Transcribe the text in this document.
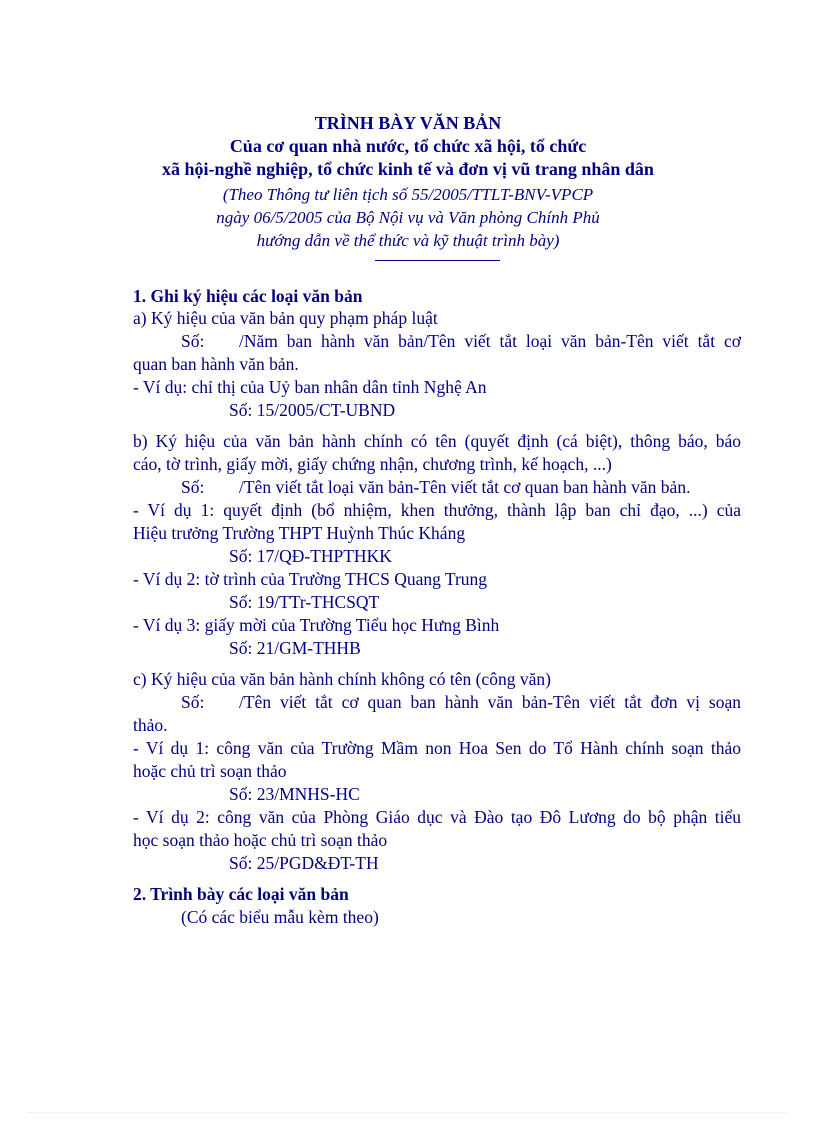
TRÌNH BÀY VĂN BẢN
Của cơ quan nhà nước, tổ chức xã hội, tổ chức
xã hội-nghề nghiệp, tổ chức kinh tế và đơn vị vũ trang nhân dân
(Theo Thông tư liên tịch số 55/2005/TTLT-BNV-VPCP
ngày 06/5/2005 của Bộ Nội vụ và Văn phòng Chính Phủ
hướng dẫn về thể thức và kỹ thuật trình bày)
1. Ghi ký hiệu các loại văn bản
a) Ký hiệu của văn bản quy phạm pháp luật
Số: /Năm ban hành văn bản/Tên viết tắt loại văn bản-Tên viết tắt cơ
quan ban hành văn bản.
- Ví dụ: chỉ thị của Uỷ ban nhân dân tỉnh Nghệ An
Số: 15/2005/CT-UBND
b) Ký hiệu của văn bản hành chính có tên (quyết định (cá biệt), thông báo, báo
cáo, tờ trình, giấy mời, giấy chứng nhận, chương trình, kế hoạch, ...)
Số: /Tên viết tắt loại văn bản-Tên viết tắt cơ quan ban hành văn bản.
- Ví dụ 1: quyết định (bổ nhiệm, khen thưởng, thành lập ban chỉ đạo, ...) của
Hiệu trưởng Trường THPT Huỳnh Thúc Kháng
Số: 17/QĐ-THPTHKK
- Ví dụ 2: tờ trình của Trường THCS Quang Trung
Số: 19/TTr-THCSQT
- Ví dụ 3: giấy mời của Trường Tiểu học Hưng Bình
Số: 21/GM-THHB
c) Ký hiệu của văn bản hành chính không có tên (công văn)
Số: /Tên viết tắt cơ quan ban hành văn bản-Tên viết tắt đơn vị soạn
thảo.
- Ví dụ 1: công văn của Trường Mầm non Hoa Sen do Tổ Hành chính soạn thảo
hoặc chủ trì soạn thảo
Số: 23/MNHS-HC
- Ví dụ 2: công văn của Phòng Giáo dục và Đào tạo Đô Lương do bộ phận tiểu
học soạn thảo hoặc chủ trì soạn thảo
Số: 25/PGD&ĐT-TH
2. Trình bày các loại văn bản
(Có các biểu mẫu kèm theo)
